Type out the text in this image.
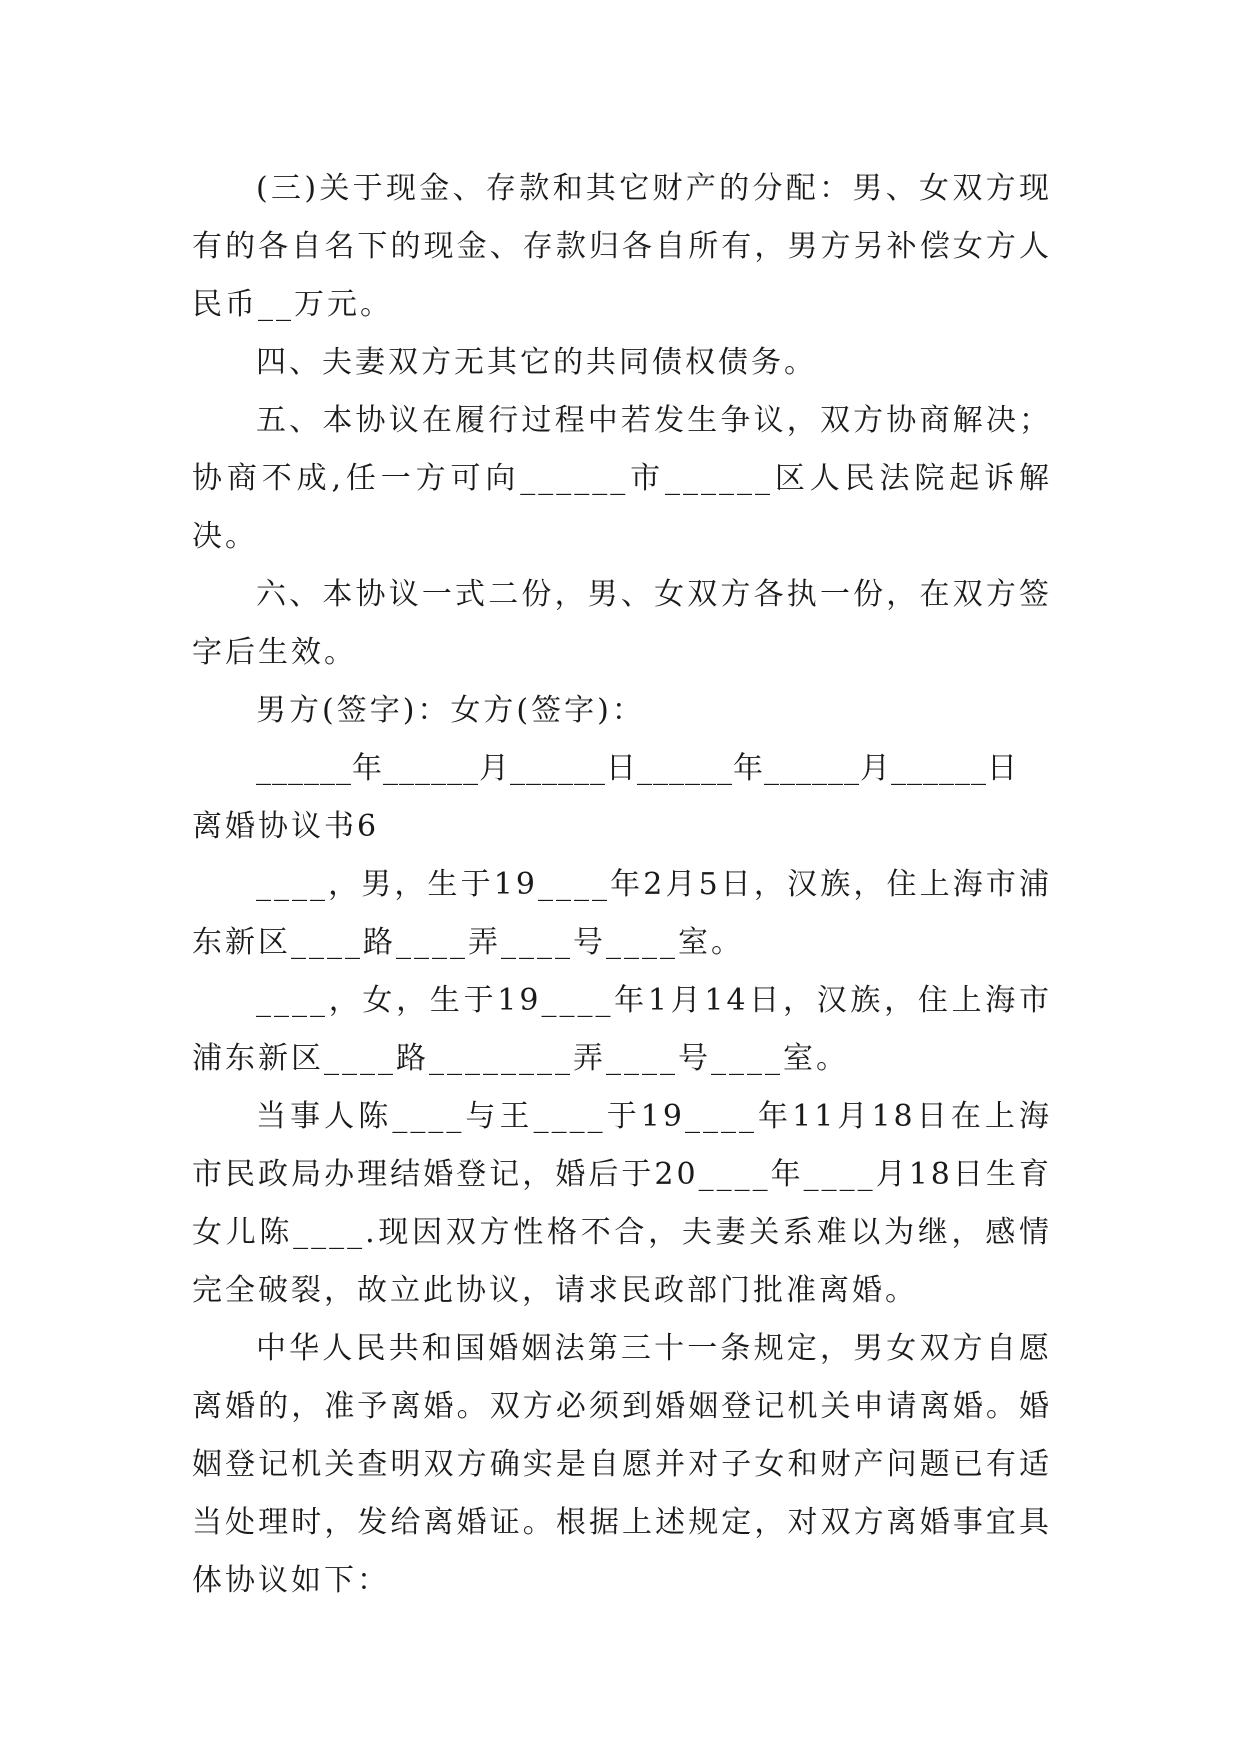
(三)关于现金、存款和其它财产的分配：男、女双方现有的各自名下的现金、存款归各自所有，男方另补偿女方人民币__万元。

四、夫妻双方无其它的共同债权债务。

五、本协议在履行过程中若发生争议，双方协商解决；协商不成,任一方可向______市______区人民法院起诉解决。

六、本协议一式二份，男、女双方各执一份，在双方签字后生效。

男方(签字)：女方(签字)：

______年______月______日______年______月______日

离婚协议书6

____，男，生于19____年2月5日，汉族，住上海市浦东新区____路____弄____号____室。

____，女，生于19____年1月14日，汉族，住上海市浦东新区____路________弄____号____室。

当事人陈____与王____于19____年11月18日在上海市民政局办理结婚登记，婚后于20____年____月18日生育女儿陈____.现因双方性格不合，夫妻关系难以为继，感情完全破裂，故立此协议，请求民政部门批准离婚。

中华人民共和国婚姻法第三十一条规定，男女双方自愿离婚的，准予离婚。双方必须到婚姻登记机关申请离婚。婚姻登记机关查明双方确实是自愿并对子女和财产问题已有适当处理时，发给离婚证。根据上述规定，对双方离婚事宜具体协议如下：
